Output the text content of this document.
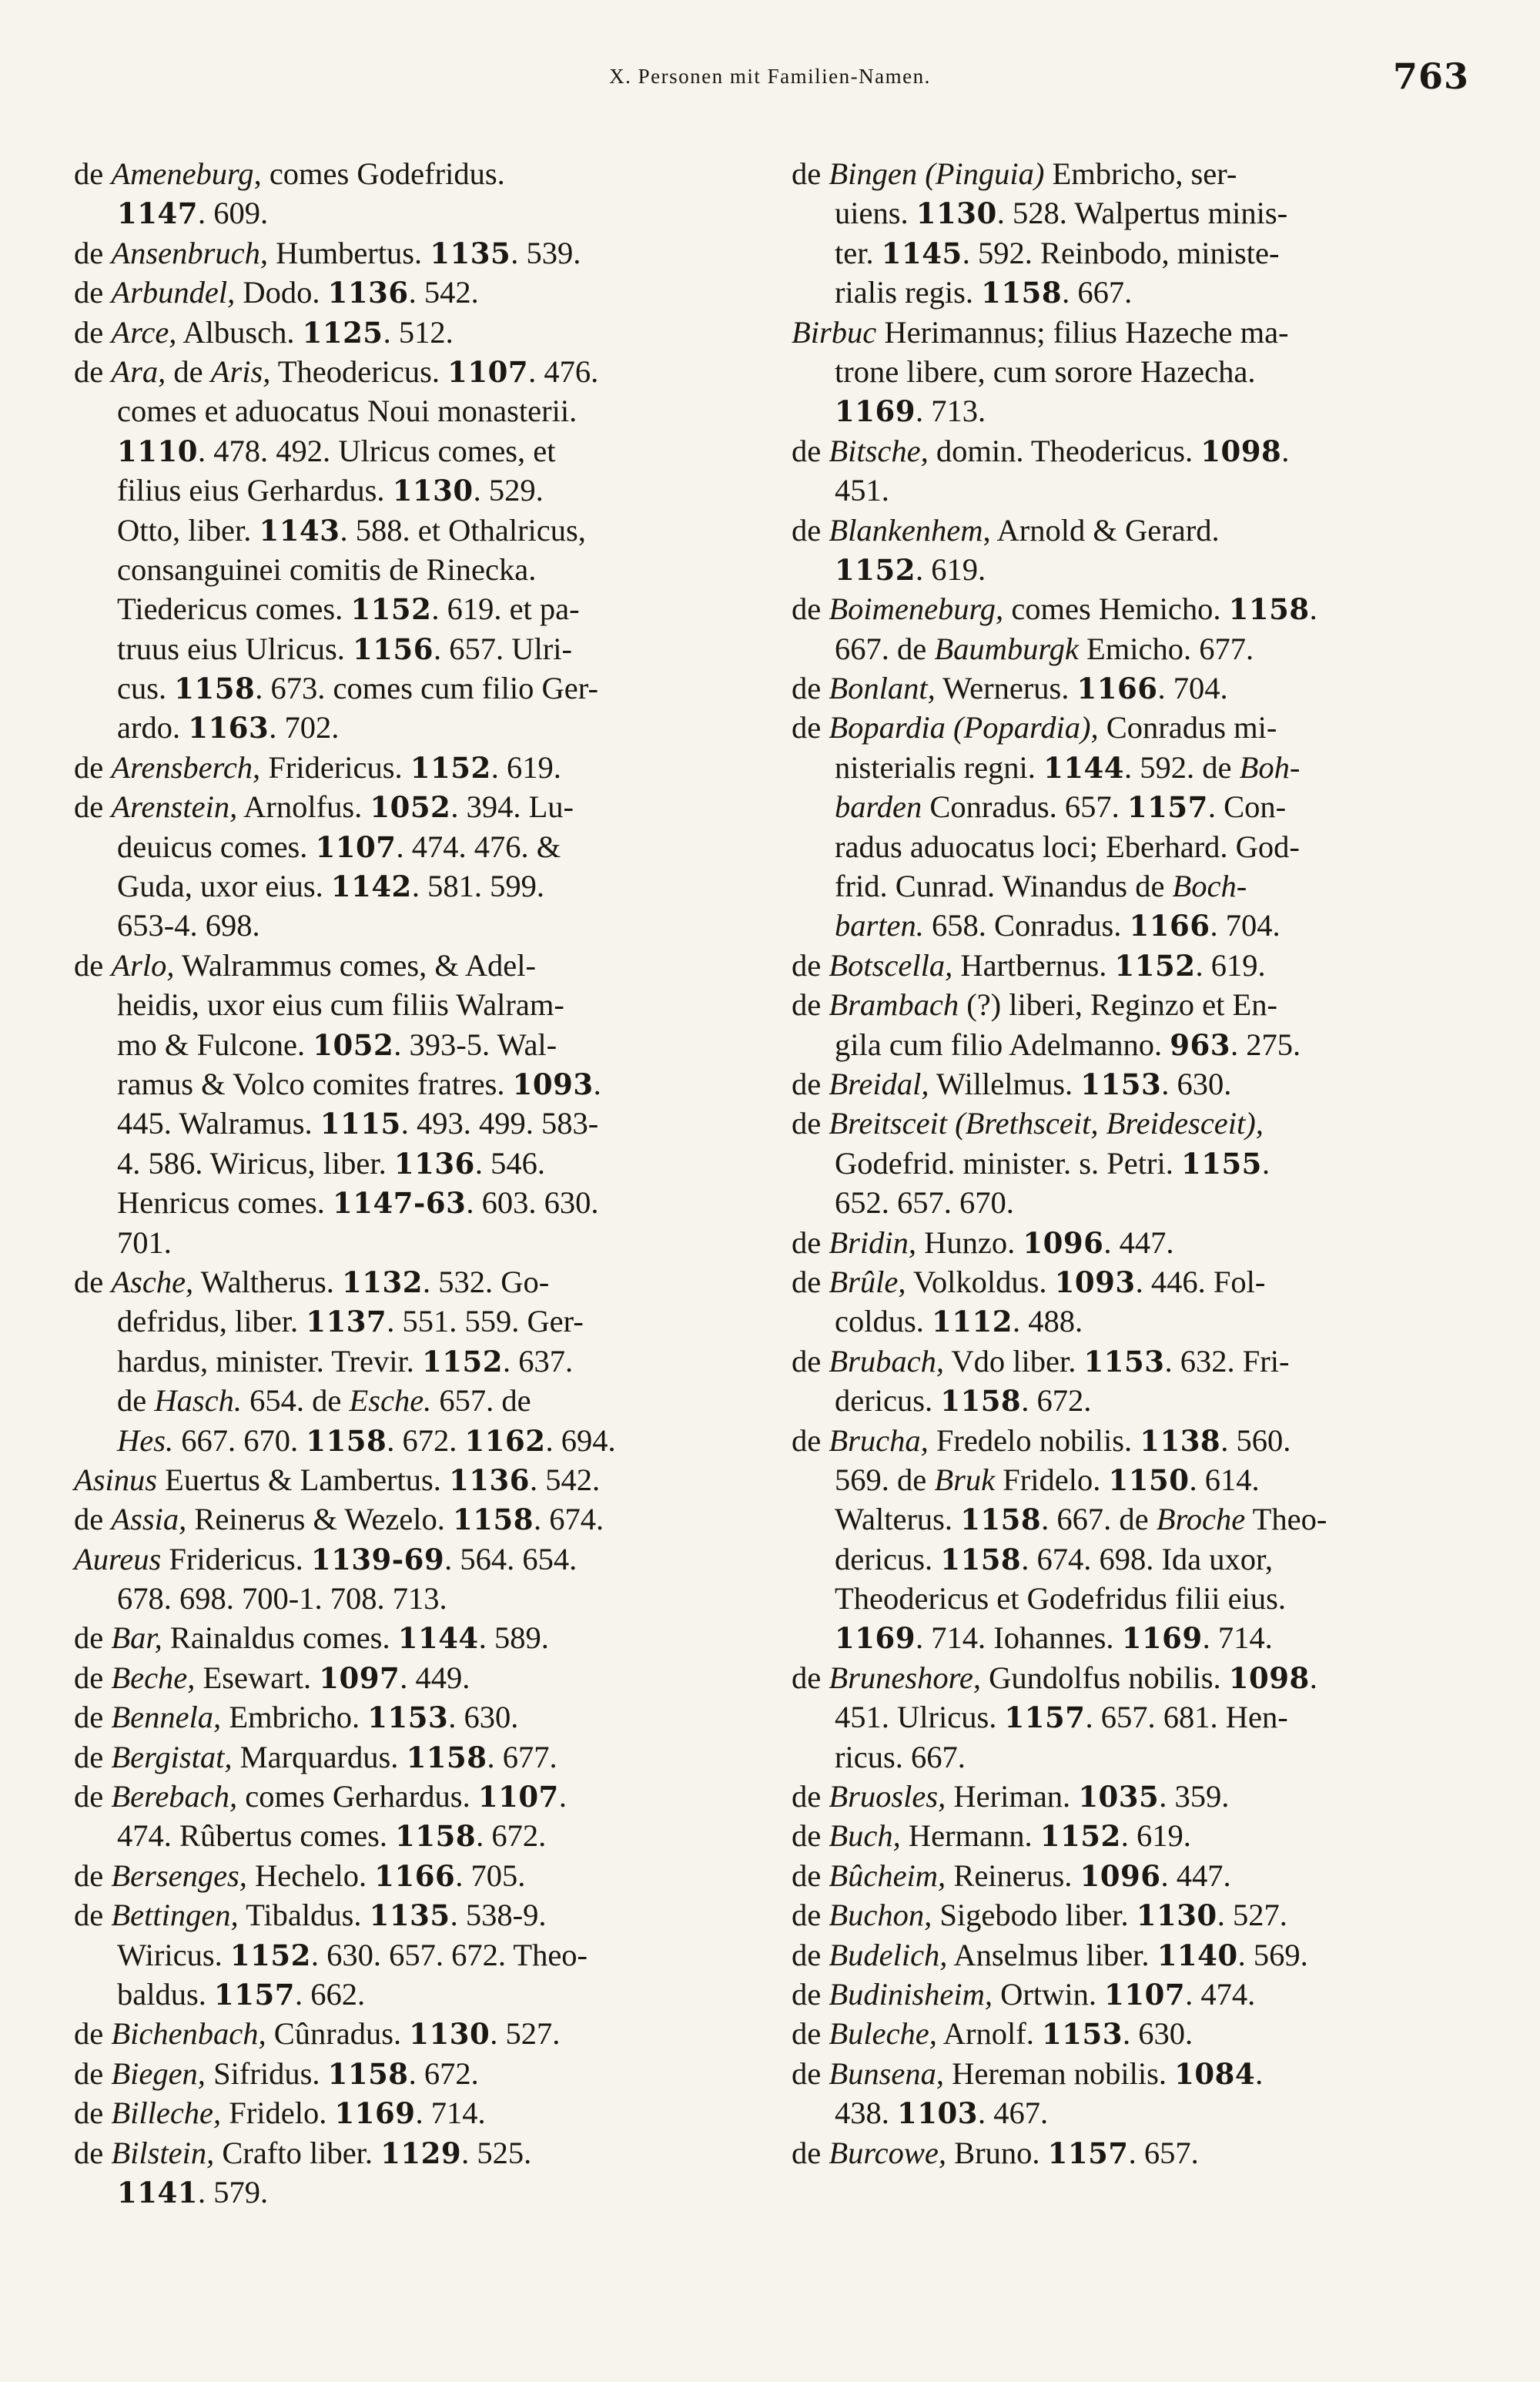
X. Personen mit Familien-Namen.	763
de Ameneburg, comes Godefridus.
1147. 609.
de Ansenbruch, Humbertus. 1135. 539.
de Arbundel, Dodo. 1136. 542.
de Arce, Albusch. 1125. 512.
de Ara, de Aris, Theodericus. 1107. 476.
comes et aduocatus Noui monasterii.
1110. 478. 492. Ulricus comes, et
filius eius Gerhardus. 1130. 529.
Otto, liber. 1143. 588. et Othalricus,
consanguinei comitis de Rinecka.
Tiedericus comes. 1152. 619. et pa-
truus eius Ulricus. 1156. 657. Ulri-
cus. 1158. 673. comes cum filio Ger-
ardo. 1163. 702.
de Arensberch, Fridericus. 1152. 619.
de Arenstein, Arnolfus. 1052. 394. Lu-
deuicus comes. 1107. 474. 476. &
Guda, uxor eius. 1142. 581. 599.
653-4. 698.
de Arlo, Walrammus comes, & Adel-
heidis, uxor eius cum filiis Walram-
mo & Fulcone. 1052. 393-5. Wal-
ramus & Volco comites fratres. 1093.
445. Walramus. 1115. 493. 499. 583-
4. 586. Wiricus, liber. 1136. 546.
Henricus comes. 1147-63. 603. 630.
701.
de Asche, Waltherus. 1132. 532. Go-
defridus, liber. 1137. 551. 559. Ger-
hardus, minister. Trevir. 1152. 637.
de Hasch. 654. de Esche. 657. de
Hes. 667. 670. 1158. 672. 1162. 694.
Asinus Euertus & Lambertus. 1136. 542.
de Assia, Reinerus & Wezelo. 1158. 674.
Aureus Fridericus. 1139-69. 564. 654.
678. 698. 700-1. 708. 713.
de Bar, Rainaldus comes. 1144. 589.
de Beche, Esewart. 1097. 449.
de Bennela, Embricho. 1153. 630.
de Bergistat, Marquardus. 1158. 677.
de Berebach, comes Gerhardus. 1107.
474. Rûbertus comes. 1158. 672.
de Bersenges, Hechelo. 1166. 705.
de Bettingen, Tibaldus. 1135. 538-9.
Wiricus. 1152. 630. 657. 672. Theo-
baldus. 1157. 662.
de Bichenbach, Cûnradus. 1130. 527.
de Biegen, Sifridus. 1158. 672.
de Billeche, Fridelo. 1169. 714.
de Bilstein, Crafto liber. 1129. 525.
1141. 579.
de Bingen (Pinguia) Embricho, ser-
uiens. 1130. 528. Walpertus minis-
ter. 1145. 592. Reinbodo, ministe-
rialis regis. 1158. 667.
Birbuc Herimannus; filius Hazeche ma-
trone libere, cum sorore Hazecha.
1169. 713.
de Bitsche, domin. Theodericus. 1098.
451.
de Blankenhem, Arnold & Gerard.
1152. 619.
de Boimeneburg, comes Hemicho. 1158.
667. de Baumburgk Emicho. 677.
de Bonlant, Wernerus. 1166. 704.
de Bopardia (Popardia), Conradus mi-
nisterialis regni. 1144. 592. de Boh-
barden Conradus. 657. 1157. Con-
radus aduocatus loci; Eberhard. God-
frid. Cunrad. Winandus de Boch-
barten. 658. Conradus. 1166. 704.
de Botscella, Hartbernus. 1152. 619.
de Brambach (?) liberi, Reginzo et En-
gila cum filio Adelmanno. 963. 275.
de Breidal, Willelmus. 1153. 630.
de Breitsceit (Brethsceit, Breidesceit),
Godefrid. minister. s. Petri. 1155.
652. 657. 670.
de Bridin, Hunzo. 1096. 447.
de Brûle, Volkoldus. 1093. 446. Fol-
coldus. 1112. 488.
de Brubach, Vdo liber. 1153. 632. Fri-
dericus. 1158. 672.
de Brucha, Fredelo nobilis. 1138. 560.
569. de Bruk Fridelo. 1150. 614.
Walterus. 1158. 667. de Broche Theo-
dericus. 1158. 674. 698. Ida uxor,
Theodericus et Godefridus filii eius.
1169. 714. Iohannes. 1169. 714.
de Bruneshore, Gundolfus nobilis. 1098.
451. Ulricus. 1157. 657. 681. Hen-
ricus. 667.
de Bruosles, Heriman. 1035. 359.
de Buch, Hermann. 1152. 619.
de Bûcheim, Reinerus. 1096. 447.
de Buchon, Sigebodo liber. 1130. 527.
de Budelich, Anselmus liber. 1140. 569.
de Budinisheim, Ortwin. 1107. 474.
de Buleche, Arnolf. 1153. 630.
de Bunsena, Hereman nobilis. 1084.
438. 1103. 467.
de Burcowe, Bruno. 1157. 657.
